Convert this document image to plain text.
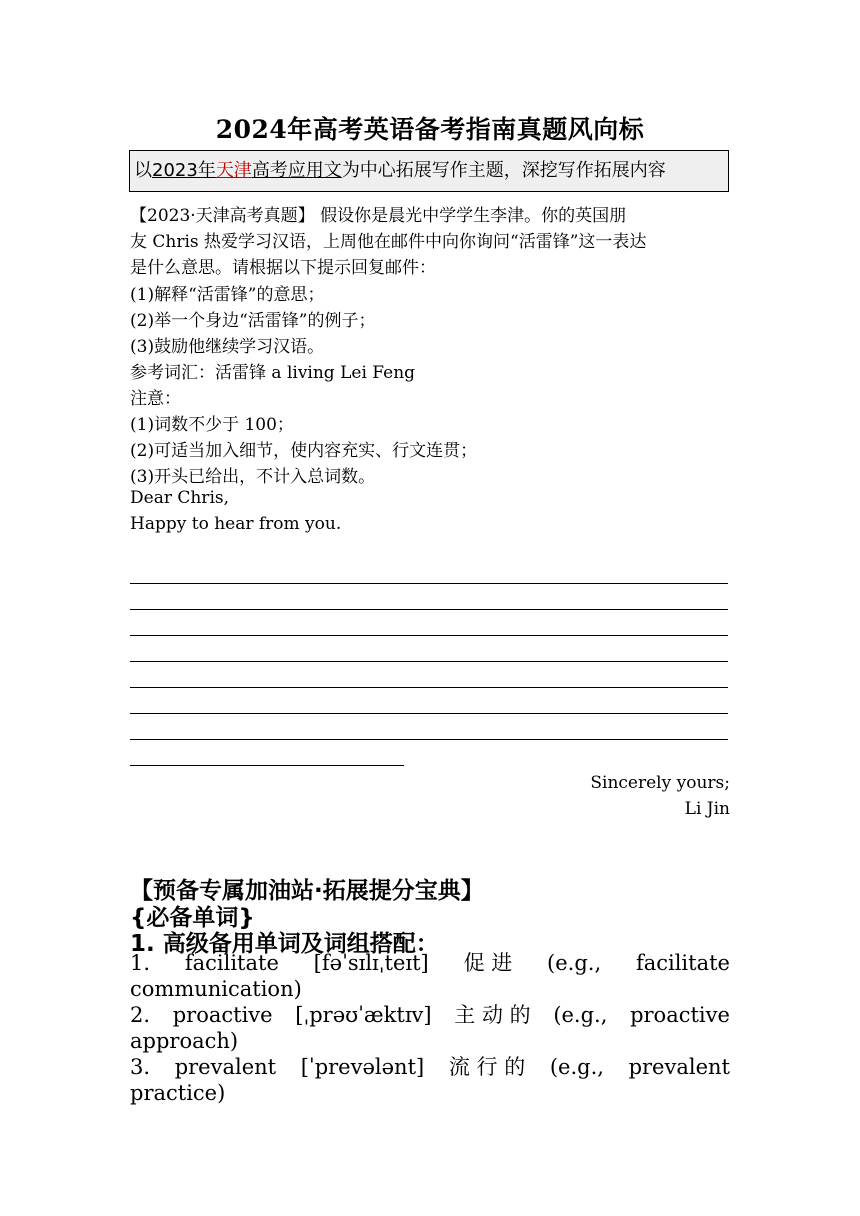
2024年高考英语备考指南真题风向标
以2023年天津高考应用文为中心拓展写作主题，深挖写作拓展内容
【2023·天津高考真题】 假设你是晨光中学学生李津。你的英国朋
友 Chris 热爱学习汉语，上周他在邮件中向你询问“活雷锋”这一表达
是什么意思。请根据以下提示回复邮件：
(1)解释“活雷锋”的意思；
(2)举一个身边“活雷锋”的例子；
(3)鼓励他继续学习汉语。
参考词汇：活雷锋 a living Lei Feng
注意：
(1)词数不少于 100；
(2)可适当加入细节，使内容充实、行文连贯；
(3)开头已给出，不计入总词数。
Dear Chris,
Happy to hear from you.
Sincerely yours;
Li Jin
【预备专属加油站·拓展提分宝典】
{必备单词}
1. 高级备用单词及词组搭配：
1. facilitate [fəˈsɪlɪˌteɪt] 促 进 (e.g., facilitate
communication)
2. proactive [ˌprəʊˈæktɪv] 主 动 的 (e.g., proactive
approach)
3. prevalent [ˈprevələnt] 流 行 的 (e.g., prevalent
practice)
